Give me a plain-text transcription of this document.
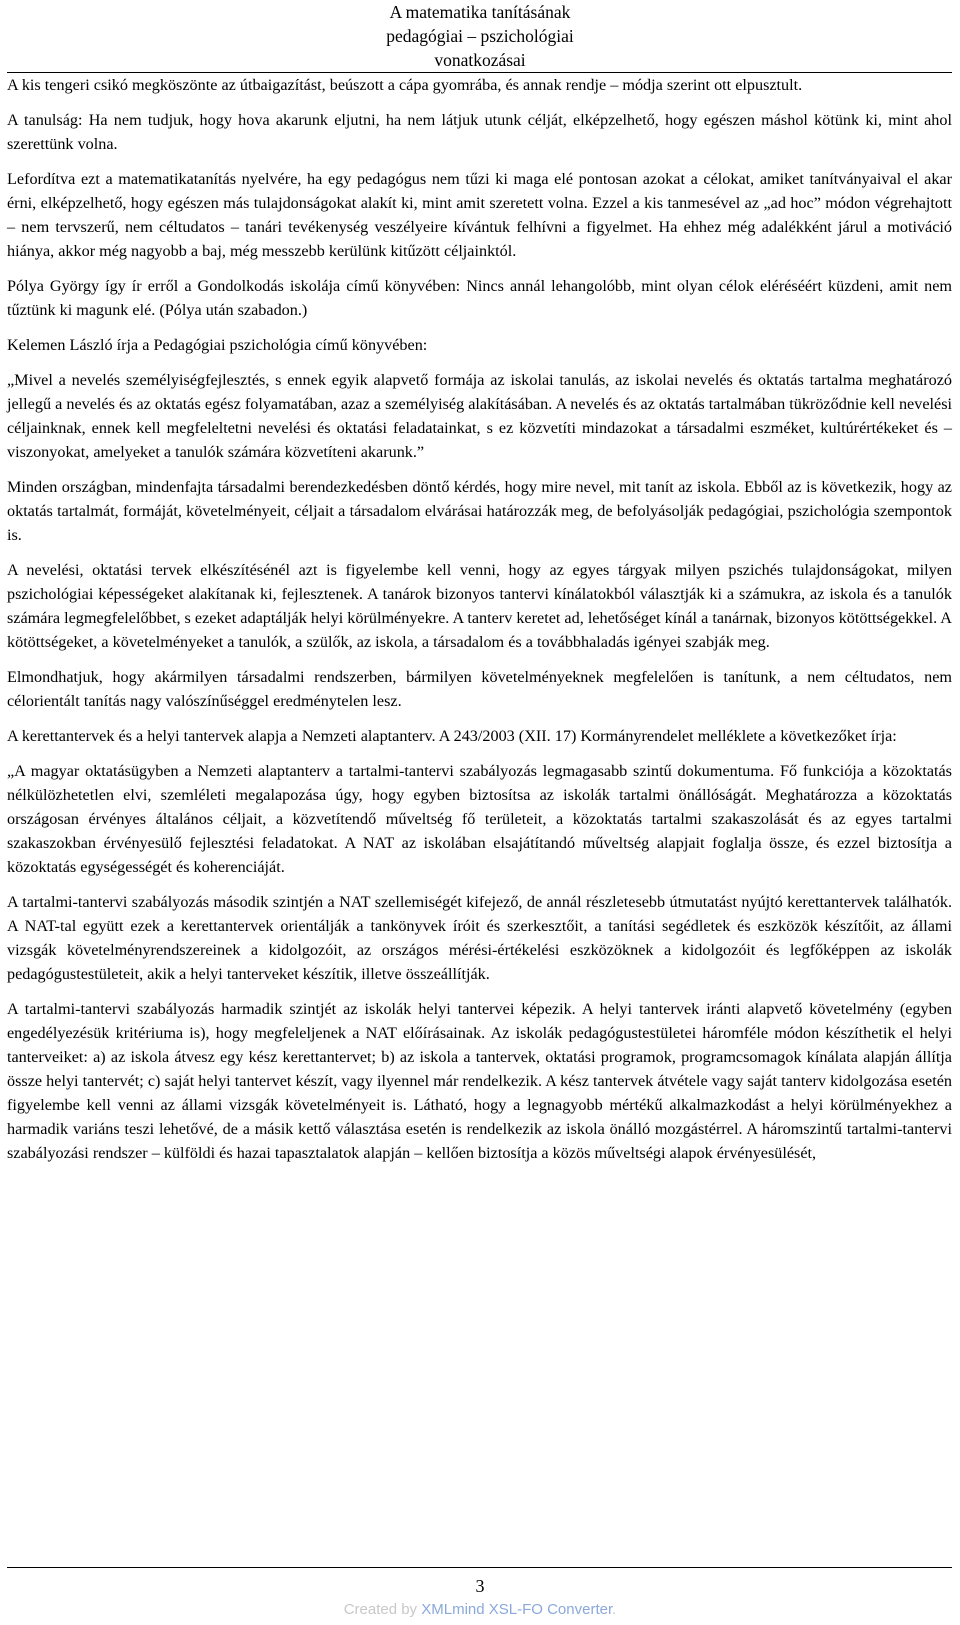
A matematika tanításának
pedagógiai – pszichológiai
vonatkozásai

A kis tengeri csikó megköszönte az útbaigazítást, beúszott a cápa gyomrába, és annak rendje – módja szerint ott elpusztult.

A tanulság: Ha nem tudjuk, hogy hova akarunk eljutni, ha nem látjuk utunk célját, elképzelhető, hogy egészen máshol kötünk ki, mint ahol szerettünk volna.

Lefordítva ezt a matematikatanítás nyelvére, ha egy pedagógus nem tűzi ki maga elé pontosan azokat a célokat, amiket tanítványaival el akar érni, elképzelhető, hogy egészen más tulajdonságokat alakít ki, mint amit szeretett volna. Ezzel a kis tanmesével az „ad hoc” módon végrehajtott – nem tervszerű, nem céltudatos – tanári tevékenység veszélyeire kívántuk felhívni a figyelmet. Ha ehhez még adalékként járul a motiváció hiánya, akkor még nagyobb a baj, még messzebb kerülünk kitűzött céljainktól.

Pólya György így ír erről a Gondolkodás iskolája című könyvében: Nincs annál lehangolóbb, mint olyan célok eléréséért küzdeni, amit nem tűztünk ki magunk elé. (Pólya után szabadon.)

Kelemen László írja a Pedagógiai pszichológia című könyvében:

„Mivel a nevelés személyiségfejlesztés, s ennek egyik alapvető formája az iskolai tanulás, az iskolai nevelés és oktatás tartalma meghatározó jellegű a nevelés és az oktatás egész folyamatában, azaz a személyiség alakításában. A nevelés és az oktatás tartalmában tükröződnie kell nevelési céljainknak, ennek kell megfeleltetni nevelési és oktatási feladatainkat, s ez közvetíti mindazokat a társadalmi eszméket, kultúrértékeket és – viszonyokat, amelyeket a tanulók számára közvetíteni akarunk.”

Minden országban, mindenfajta társadalmi berendezkedésben döntő kérdés, hogy mire nevel, mit tanít az iskola. Ebből az is következik, hogy az oktatás tartalmát, formáját, követelményeit, céljait a társadalom elvárásai határozzák meg, de befolyásolják pedagógiai, pszichológia szempontok is.

A nevelési, oktatási tervek elkészítésénél azt is figyelembe kell venni, hogy az egyes tárgyak milyen pszichés tulajdonságokat, milyen pszichológiai képességeket alakítanak ki, fejlesztenek. A tanárok bizonyos tantervi kínálatokból választják ki a számukra, az iskola és a tanulók számára legmegfelelőbbet, s ezeket adaptálják helyi körülményekre. A tanterv keretet ad, lehetőséget kínál a tanárnak, bizonyos kötöttségekkel. A kötöttségeket, a követelményeket a tanulók, a szülők, az iskola, a társadalom és a továbbhaladás igényei szabják meg.

Elmondhatjuk, hogy akármilyen társadalmi rendszerben, bármilyen követelményeknek megfelelően is tanítunk, a nem céltudatos, nem célorientált tanítás nagy valószínűséggel eredménytelen lesz.

A kerettantervek és a helyi tantervek alapja a Nemzeti alaptanterv. A 243/2003 (XII. 17) Kormányrendelet melléklete a következőket írja:

„A magyar oktatásügyben a Nemzeti alaptanterv a tartalmi-tantervi szabályozás legmagasabb szintű dokumentuma. Fő funkciója a közoktatás nélkülözhetetlen elvi, szemléleti megalapozása úgy, hogy egyben biztosítsa az iskolák tartalmi önállóságát. Meghatározza a közoktatás országosan érvényes általános céljait, a közvetítendő műveltség fő területeit, a közoktatás tartalmi szakaszolását és az egyes tartalmi szakaszokban érvényesülő fejlesztési feladatokat. A NAT az iskolában elsajátítandó műveltség alapjait foglalja össze, és ezzel biztosítja a közoktatás egységességét és koherenciáját.

A tartalmi-tantervi szabályozás második szintjén a NAT szellemiségét kifejező, de annál részletesebb útmutatást nyújtó kerettantervek találhatók. A NAT-tal együtt ezek a kerettantervek orientálják a tankönyvek íróit és szerkesztőit, a tanítási segédletek és eszközök készítőit, az állami vizsgák követelményrendszereinek a kidolgozóit, az országos mérési-értékelési eszközöknek a kidolgozóit és legfőképpen az iskolák pedagógustestületeit, akik a helyi tanterveket készítik, illetve összeállítják.

A tartalmi-tantervi szabályozás harmadik szintjét az iskolák helyi tantervei képezik. A helyi tantervek iránti alapvető követelmény (egyben engedélyezésük kritériuma is), hogy megfeleljenek a NAT előírásainak. Az iskolák pedagógustestületei háromféle módon készíthetik el helyi tanterveiket: a) az iskola átvesz egy kész kerettantervet; b) az iskola a tantervek, oktatási programok, programcsomagok kínálata alapján állítja össze helyi tantervét; c) saját helyi tantervet készít, vagy ilyennel már rendelkezik. A kész tantervek átvétele vagy saját tanterv kidolgozása esetén figyelembe kell venni az állami vizsgák követelményeit is. Látható, hogy a legnagyobb mértékű alkalmazkodást a helyi körülményekhez a harmadik variáns teszi lehetővé, de a másik kettő választása esetén is rendelkezik az iskola önálló mozgástérrel. A háromszintű tartalmi-tantervi szabályozási rendszer – külföldi és hazai tapasztalatok alapján – kellően biztosítja a közös műveltségi alapok érvényesülését,

3
Created by XMLmind XSL-FO Converter.
